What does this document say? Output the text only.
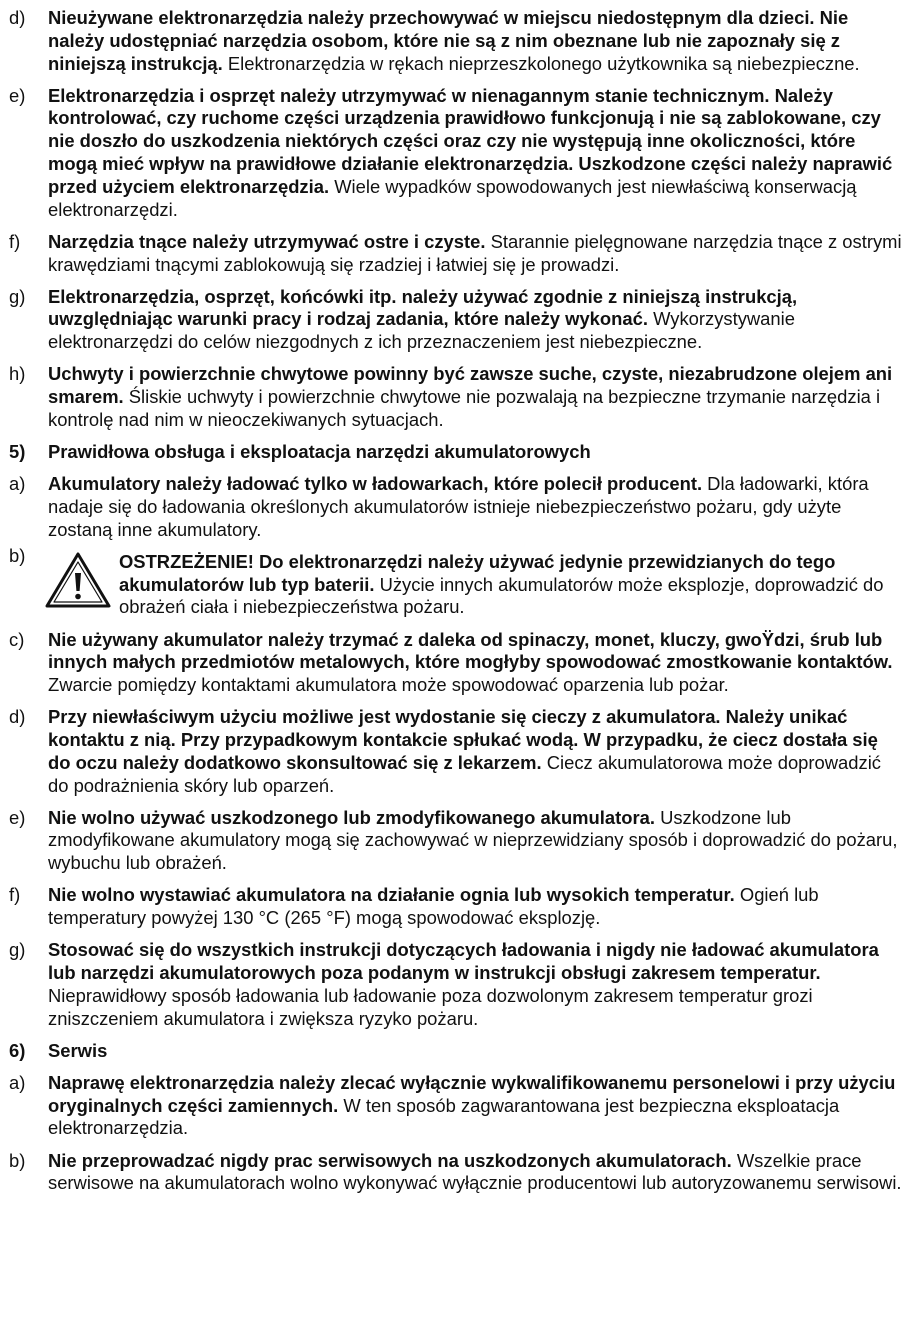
d) Nieużywane elektronarzędzia należy przechowywać w miejscu niedostępnym dla dzieci. Nie należy udostępniać narzędzia osobom, które nie są z nim obeznane lub nie zapoznały się z niniejszą instrukcją. Elektronarzędzia w rękach nieprzeszkolonego użytkownika są niebezpieczne.
e) Elektronarzędzia i osprzęt należy utrzymywać w nienagannym stanie technicznym. Należy kontrolować, czy ruchome części urządzenia prawidłowo funkcjonują i nie są zablokowane, czy nie doszło do uszkodzenia niektórych części oraz czy nie występują inne okoliczności, które mogą mieć wpływ na prawidłowe działanie elektronarzędzia. Uszkodzone części należy naprawić przed użyciem elektronarzędzia. Wiele wypadków spowodowanych jest niewłaściwą konserwacją elektronarzędzi.
f) Narzędzia tnące należy utrzymywać ostre i czyste. Starannie pielęgnowane narzędzia tnące z ostrymi krawędziami tnącymi zablokowują się rzadziej i łatwiej się je prowadzi.
g) Elektronarzędzia, osprzęt, końcówki itp. należy używać zgodnie z niniejszą instrukcją, uwzględniając warunki pracy i rodzaj zadania, które należy wykonać. Wykorzystywanie elektronarzędzi do celów niezgodnych z ich przeznaczeniem jest niebezpieczne.
h) Uchwyty i powierzchnie chwytowe powinny być zawsze suche, czyste, niezabrudzone olejem ani smarem. Śliskie uchwyty i powierzchnie chwytowe nie pozwalają na bezpieczne trzymanie narzędzia i kontrolę nad nim w nieoczekiwanych sytuacjach.
5) Prawidłowa obsługa i eksploatacja narzędzi akumulatorowych
a) Akumulatory należy ładować tylko w ładowarkach, które polecił producent. Dla ładowarki, która nadaje się do ładowania określonych akumulatorów istnieje niebezpieczeństwo pożaru, gdy użyte zostaną inne akumulatory.
b)	OSTRZEŻENIE! Do elektronarzędzi należy używać jedynie przewidzianych do tego akumulatorów lub typ baterii. Użycie innych akumulatorów może eksplozje, doprowadzić do obrażeń ciała i niebezpieczeństwa pożaru.
c) Nie używany akumulator należy trzymać z daleka od spinaczy, monet, kluczy, gwoŸdzi, śrub lub innych małych przedmiotów metalowych, które mogłyby spowodować zmostkowanie kontaktów. Zwarcie pomiędzy kontaktami akumulatora może spowodować oparzenia lub pożar.
d) Przy niewłaściwym użyciu możliwe jest wydostanie się cieczy z akumulatora. Należy unikać kontaktu z nią. Przy przypadkowym kontakcie spłukać wodą. W przypadku, że ciecz dostała się do oczu należy dodatkowo skonsultować się z lekarzem. Ciecz akumulatorowa może doprowadzić do podrażnienia skóry lub oparzeń.
e) Nie wolno używać uszkodzonego lub zmodyfikowanego akumulatora. Uszkodzone lub zmodyfikowane akumulatory mogą się zachowywać w nieprzewidziany sposób i doprowadzić do pożaru, wybuchu lub obrażeń.
f) Nie wolno wystawiać akumulatora na działanie ognia lub wysokich temperatur. Ogień lub temperatury powyżej 130 °C (265 °F) mogą spowodować eksplozję.
g) Stosować się do wszystkich instrukcji dotyczących ładowania i nigdy nie ładować akumulatora lub narzędzi akumulatorowych poza podanym w instrukcji obsługi zakresem temperatur. Nieprawidłowy sposób ładowania lub ładowanie poza dozwolonym zakresem temperatur grozi zniszczeniem akumulatora i zwiększa ryzyko pożaru.
6) Serwis
a) Naprawę elektronarzędzia należy zlecać wyłącznie wykwalifikowanemu personelowi i przy użyciu oryginalnych części zamiennych. W ten sposób zagwarantowana jest bezpieczna eksploatacja elektronarzędzia.
b) Nie przeprowadzać nigdy prac serwisowych na uszkodzonych akumulatorach. Wszelkie prace serwisowe na akumulatorach wolno wykonywać wyłącznie producentowi lub autoryzowanemu serwisowi.
